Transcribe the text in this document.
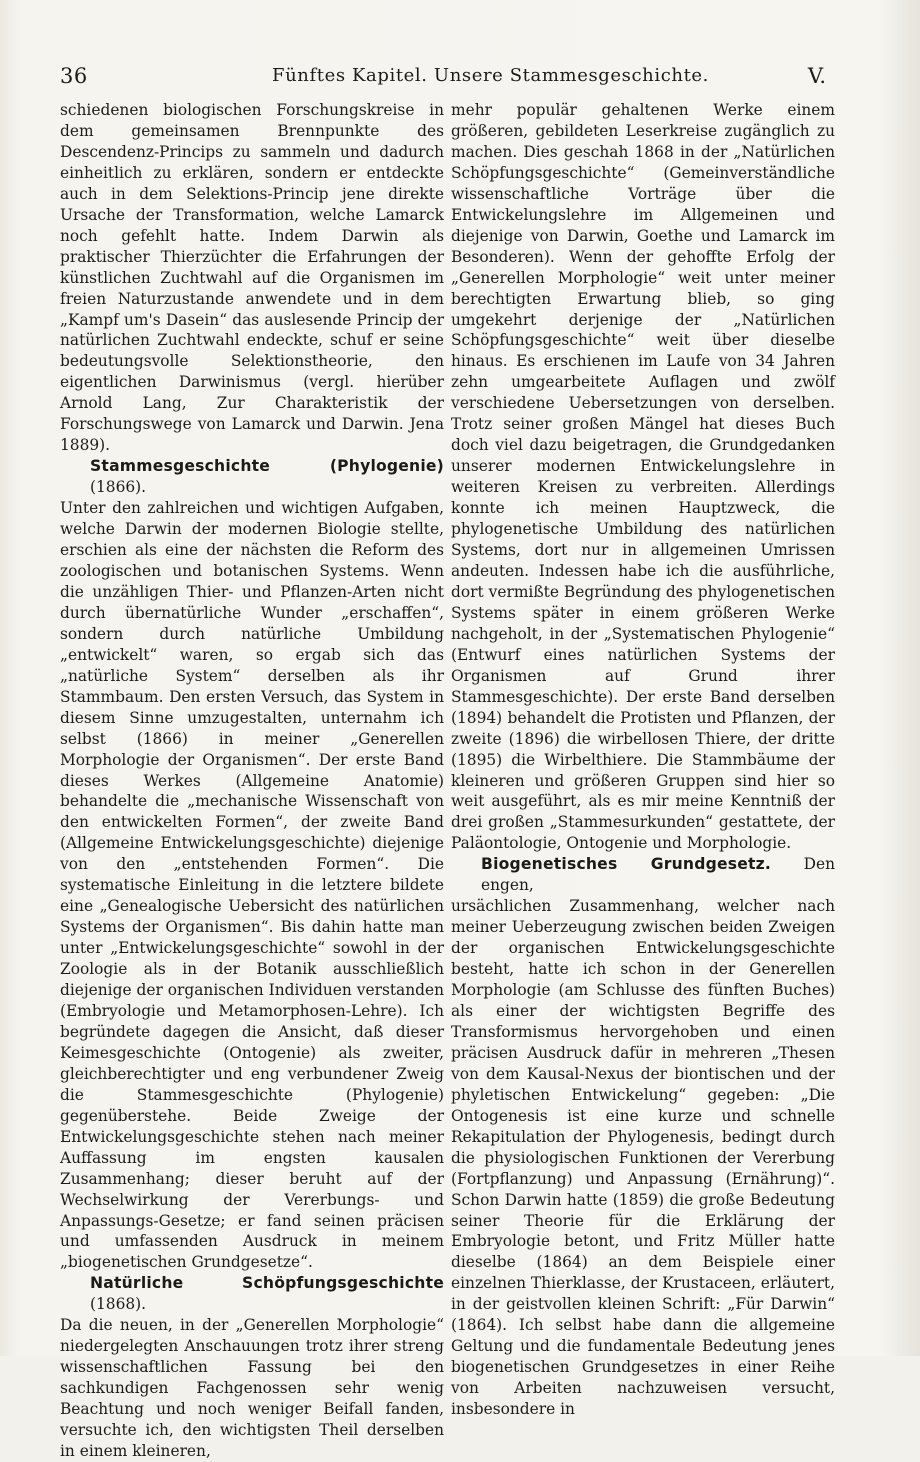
36	Fünftes Kapitel. Unsere Stammesgeschichte.	V.

schiedenen biologischen Forschungskreise in dem gemeinsamen Brennpunkte des Descendenz-Princips zu sammeln und dadurch einheitlich zu erklären, sondern er entdeckte auch in dem Selektions-Princip jene direkte Ursache der Transformation, welche Lamarck noch gefehlt hatte. Indem Darwin als praktischer Thierzüchter die Erfahrungen der künstlichen Zuchtwahl auf die Organismen im freien Naturzustande anwendete und in dem „Kampf um's Dasein“ das auslesende Princip der natürlichen Zuchtwahl endeckte, schuf er seine bedeutungsvolle Selektionstheorie, den eigentlichen Darwinismus (vergl. hierüber Arnold Lang, Zur Charakteristik der Forschungswege von Lamarck und Darwin. Jena 1889).

Stammesgeschichte (Phylogenie) (1866).

Unter den zahlreichen und wichtigen Aufgaben, welche Darwin der modernen Biologie stellte, erschien als eine der nächsten die Reform des zoologischen und botanischen Systems. Wenn die unzähligen Thier- und Pflanzen-Arten nicht durch übernatürliche Wunder „erschaffen“, sondern durch natürliche Umbildung „entwickelt“ waren, so ergab sich das „natürliche System“ derselben als ihr Stammbaum. Den ersten Versuch, das System in diesem Sinne umzugestalten, unternahm ich selbst (1866) in meiner „Generellen Morphologie der Organismen“. Der erste Band dieses Werkes (Allgemeine Anatomie) behandelte die „mechanische Wissenschaft von den entwickelten Formen“, der zweite Band (Allgemeine Entwickelungsgeschichte) diejenige von den „entstehenden Formen“. Die systematische Einleitung in die letztere bildete eine „Genealogische Uebersicht des natürlichen Systems der Organismen“. Bis dahin hatte man unter „Entwickelungsgeschichte“ sowohl in der Zoologie als in der Botanik ausschließlich diejenige der organischen Individuen verstanden (Embryologie und Metamorphosen-Lehre). Ich begründete dagegen die Ansicht, daß dieser Keimesgeschichte (Ontogenie) als zweiter, gleichberechtigter und eng verbundener Zweig die Stammesgeschichte (Phylogenie) gegenüberstehe. Beide Zweige der Entwickelungsgeschichte stehen nach meiner Auffassung im engsten kausalen Zusammenhang; dieser beruht auf der Wechselwirkung der Vererbungs- und Anpassungs-Gesetze; er fand seinen präcisen und umfassenden Ausdruck in meinem „biogenetischen Grundgesetze“.

Natürliche Schöpfungsgeschichte (1868).

Da die neuen, in der „Generellen Morphologie“ niedergelegten Anschauungen trotz ihrer streng wissenschaftlichen Fassung bei den sachkundigen Fachgenossen sehr wenig Beachtung und noch weniger Beifall fanden, versuchte ich, den wichtigsten Theil derselben in einem kleineren,

mehr populär gehaltenen Werke einem größeren, gebildeten Leserkreise zugänglich zu machen. Dies geschah 1868 in der „Natürlichen Schöpfungsgeschichte“ (Gemeinverständliche wissenschaftliche Vorträge über die Entwickelungslehre im Allgemeinen und diejenige von Darwin, Goethe und Lamarck im Besonderen). Wenn der gehoffte Erfolg der „Generellen Morphologie“ weit unter meiner berechtigten Erwartung blieb, so ging umgekehrt derjenige der „Natürlichen Schöpfungsgeschichte“ weit über dieselbe hinaus. Es erschienen im Laufe von 34 Jahren zehn umgearbeitete Auflagen und zwölf verschiedene Uebersetzungen von derselben. Trotz seiner großen Mängel hat dieses Buch doch viel dazu beigetragen, die Grundgedanken unserer modernen Entwickelungslehre in weiteren Kreisen zu verbreiten. Allerdings konnte ich meinen Hauptzweck, die phylogenetische Umbildung des natürlichen Systems, dort nur in allgemeinen Umrissen andeuten. Indessen habe ich die ausführliche, dort vermißte Begründung des phylogenetischen Systems später in einem größeren Werke nachgeholt, in der „Systematischen Phylogenie“ (Entwurf eines natürlichen Systems der Organismen auf Grund ihrer Stammesgeschichte). Der erste Band derselben (1894) behandelt die Protisten und Pflanzen, der zweite (1896) die wirbellosen Thiere, der dritte (1895) die Wirbelthiere. Die Stammbäume der kleineren und größeren Gruppen sind hier so weit ausgeführt, als es mir meine Kenntniß der drei großen „Stammesurkunden“ gestattete, der Paläontologie, Ontogenie und Morphologie.

Biogenetisches Grundgesetz. Den engen,

ursächlichen Zusammenhang, welcher nach meiner Ueberzeugung zwischen beiden Zweigen der organischen Entwickelungsgeschichte besteht, hatte ich schon in der Generellen Morphologie (am Schlusse des fünften Buches) als einer der wichtigsten Begriffe des Transformismus hervorgehoben und einen präcisen Ausdruck dafür in mehreren „Thesen von dem Kausal-Nexus der biontischen und der phyletischen Entwickelung“ gegeben: „Die Ontogenesis ist eine kurze und schnelle Rekapitulation der Phylogenesis, bedingt durch die physiologischen Funktionen der Vererbung (Fortpflanzung) und Anpassung (Ernährung)“. Schon Darwin hatte (1859) die große Bedeutung seiner Theorie für die Erklärung der Embryologie betont, und Fritz Müller hatte dieselbe (1864) an dem Beispiele einer einzelnen Thierklasse, der Krustaceen, erläutert, in der geistvollen kleinen Schrift: „Für Darwin“ (1864). Ich selbst habe dann die allgemeine Geltung und die fundamentale Bedeutung jenes biogenetischen Grundgesetzes in einer Reihe von Arbeiten nachzuweisen versucht, insbesondere in
